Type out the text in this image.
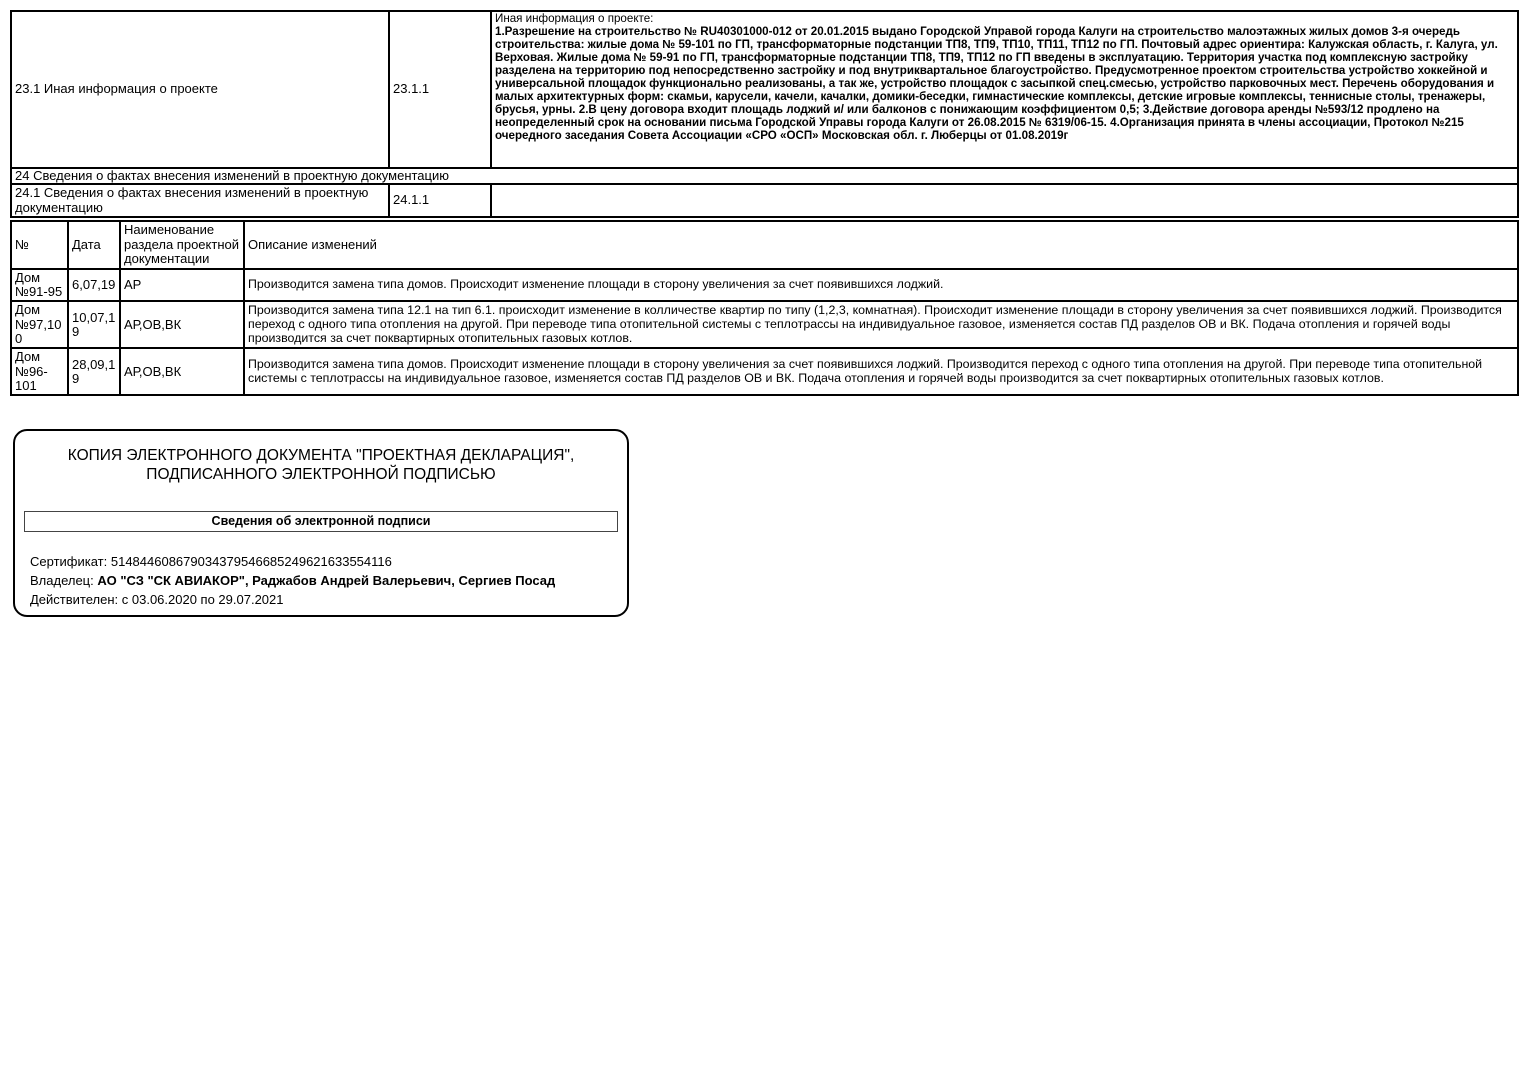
23.1 Иная информация о проекте	23.1.1	Иная информация о проекте:
1.Разрешение на строительство № RU40301000-012 от 20.01.2015 выдано Городской Управой города Калуги на строительство малоэтажных жилых домов 3-я очередь строительства: жилые дома № 59-101 по ГП, трансформаторные подстанции ТП8, ТП9, ТП10, ТП11, ТП12 по ГП. Почтовый адрес ориентира: Калужская область, г. Калуга, ул. Верховая. Жилые дома № 59-91 по ГП, трансформаторные подстанции ТП8, ТП9, ТП12 по ГП введены в эксплуатацию. Территория участка под комплексную застройку разделена на территорию под непосредственно застройку и под внутриквартальное благоустройство. Предусмотренное проектом строительства устройство хоккейной и универсальной площадок функционально реализованы, а так же, устройство площадок с засыпкой спец.смесью, устройство парковочных мест. Перечень оборудования и малых архитектурных форм: скамьи, карусели, качели, качалки, домики-беседки, гимнастические комплексы, детские игровые комплексы, теннисные столы, тренажеры, брусья, урны. 2.В цену договора входит площадь лоджий и/ или балконов с понижающим коэффициентом 0,5; 3.Действие договора аренды №593/12 продлено на неопределенный срок на основании письма Городской Управы города Калуги от 26.08.2015 № 6319/06-15. 4.Организация принята в члены ассоциации, Протокол №215 очередного заседания Совета Ассоциации «СРО «ОСП» Московская обл. г. Люберцы от 01.08.2019г
24 Сведения о фактах внесения изменений в проектную документацию		
24.1 Сведения о фактах внесения изменений в проектную документацию	24.1.1	
№	Дата	Наименование раздела проектной документации	Описание изменений
Дом №91-95	6,07,19	АР	Производится замена типа домов. Происходит изменение площади в сторону увеличения за счет появившихся лоджий.
Дом №97,100	10,07,19	АР,ОВ,ВК	Производится замена типа 12.1 на тип 6.1. происходит изменение в колличестве квартир по типу (1,2,3, комнатная). Происходит изменение площади в сторону увеличения за счет появившихся лоджий. Производится переход с одного типа отопления на другой. При переводе типа отопительной системы с теплотрассы на индивидуальное газовое, изменяется состав ПД разделов ОВ и ВК. Подача отопления и горячей воды производится за счет поквартирных отопительных газовых котлов.
Дом №96-101	28,09,19	АР,ОВ,ВК	Производится замена типа домов. Происходит изменение площади в сторону увеличения за счет появившихся лоджий. Производится переход с одного типа отопления на другой. При переводе типа отопительной системы с теплотрассы на индивидуальное газовое, изменяется состав ПД разделов ОВ и ВК. Подача отопления и горячей воды производится за счет поквартирных отопительных газовых котлов.
КОПИЯ ЭЛЕКТРОННОГО ДОКУМЕНТА "ПРОЕКТНАЯ ДЕКЛАРАЦИЯ",
ПОДПИСАННОГО ЭЛЕКТРОННОЙ ПОДПИСЬЮ
Сведения об электронной подписи
Сертификат: 514844608679034379546685249621633554116
Владелец: АО "СЗ "СК АВИАКОР", Раджабов Андрей Валерьевич, Сергиев Посад
Действителен: с 03.06.2020 по 29.07.2021
